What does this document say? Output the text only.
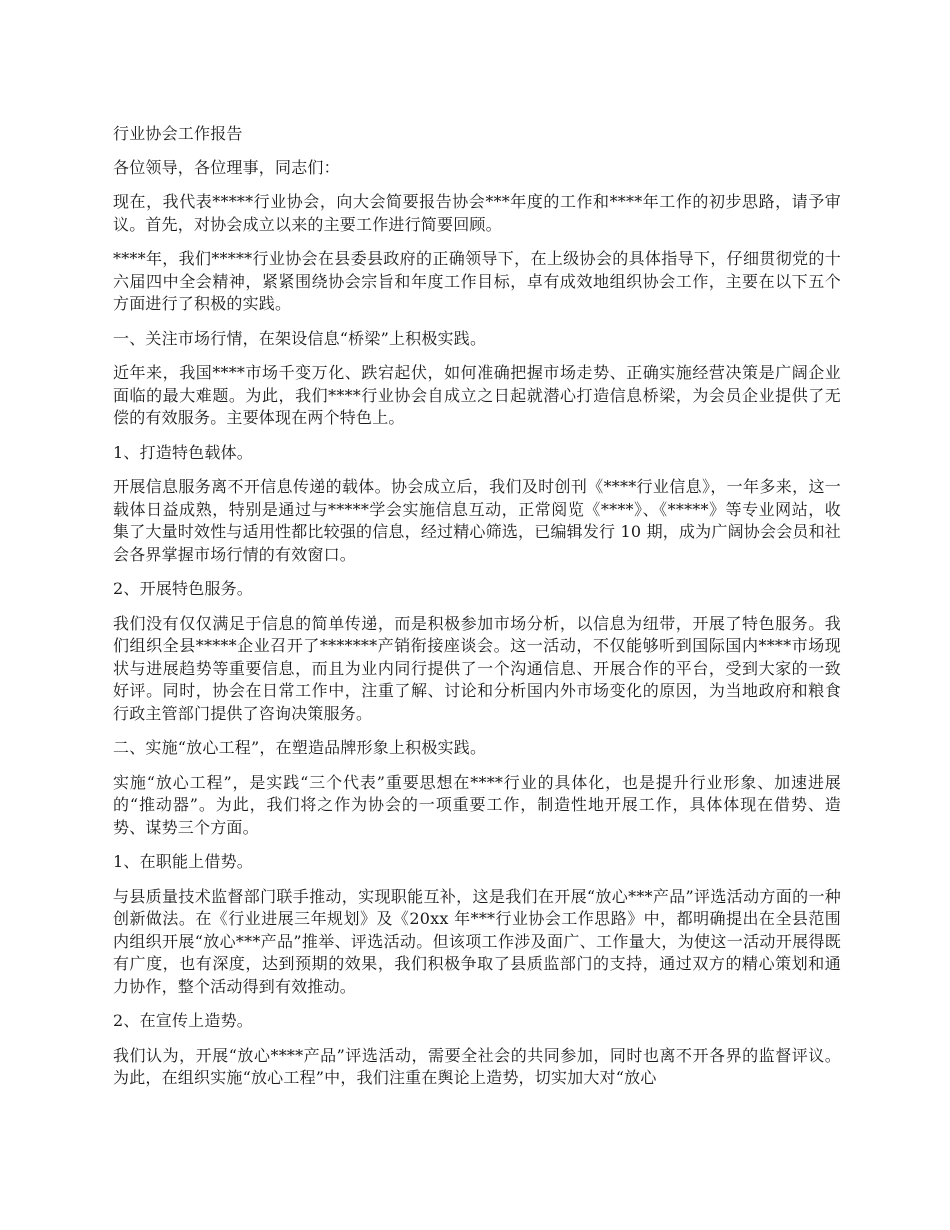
行业协会工作报告

各位领导，各位理事，同志们：

现在，我代表*****行业协会，向大会简要报告协会***年度的工作和****年工作的初步思路，请予审议。首先，对协会成立以来的主要工作进行简要回顾。

****年，我们*****行业协会在县委县政府的正确领导下，在上级协会的具体指导下，仔细贯彻党的十六届四中全会精神，紧紧围绕协会宗旨和年度工作目标，卓有成效地组织协会工作，主要在以下五个方面进行了积极的实践。

一、关注市场行情，在架设信息“桥梁”上积极实践。

近年来，我国****市场千变万化、跌宕起伏，如何准确把握市场走势、正确实施经营决策是广阔企业面临的最大难题。为此，我们****行业协会自成立之日起就潜心打造信息桥梁，为会员企业提供了无偿的有效服务。主要体现在两个特色上。

1、打造特色载体。

开展信息服务离不开信息传递的载体。协会成立后，我们及时创刊《****行业信息》，一年多来，这一载体日益成熟，特别是通过与*****学会实施信息互动，正常阅览《****》、《*****》等专业网站，收集了大量时效性与适用性都比较强的信息，经过精心筛选，已编辑发行 10 期，成为广阔协会会员和社会各界掌握市场行情的有效窗口。

2、开展特色服务。

我们没有仅仅满足于信息的简单传递，而是积极参加市场分析，以信息为纽带，开展了特色服务。我们组织全县*****企业召开了*******产销衔接座谈会。这一活动，不仅能够听到国际国内****市场现状与进展趋势等重要信息，而且为业内同行提供了一个沟通信息、开展合作的平台，受到大家的一致好评。同时，协会在日常工作中，注重了解、讨论和分析国内外市场变化的原因，为当地政府和粮食行政主管部门提供了咨询决策服务。

二、实施“放心工程”，在塑造品牌形象上积极实践。

实施“放心工程”，是实践“三个代表”重要思想在****行业的具体化，也是提升行业形象、加速进展的“推动器”。为此，我们将之作为协会的一项重要工作，制造性地开展工作，具体体现在借势、造势、谋势三个方面。

1、在职能上借势。

与县质量技术监督部门联手推动，实现职能互补，这是我们在开展“放心***产品”评选活动方面的一种创新做法。在《行业进展三年规划》及《20xx 年***行业协会工作思路》中，都明确提出在全县范围内组织开展“放心***产品”推举、评选活动。但该项工作涉及面广、工作量大，为使这一活动开展得既有广度，也有深度，达到预期的效果，我们积极争取了县质监部门的支持，通过双方的精心策划和通力协作，整个活动得到有效推动。

2、在宣传上造势。

我们认为，开展“放心****产品”评选活动，需要全社会的共同参加，同时也离不开各界的监督评议。为此，在组织实施“放心工程”中，我们注重在舆论上造势，切实加大对“放心
